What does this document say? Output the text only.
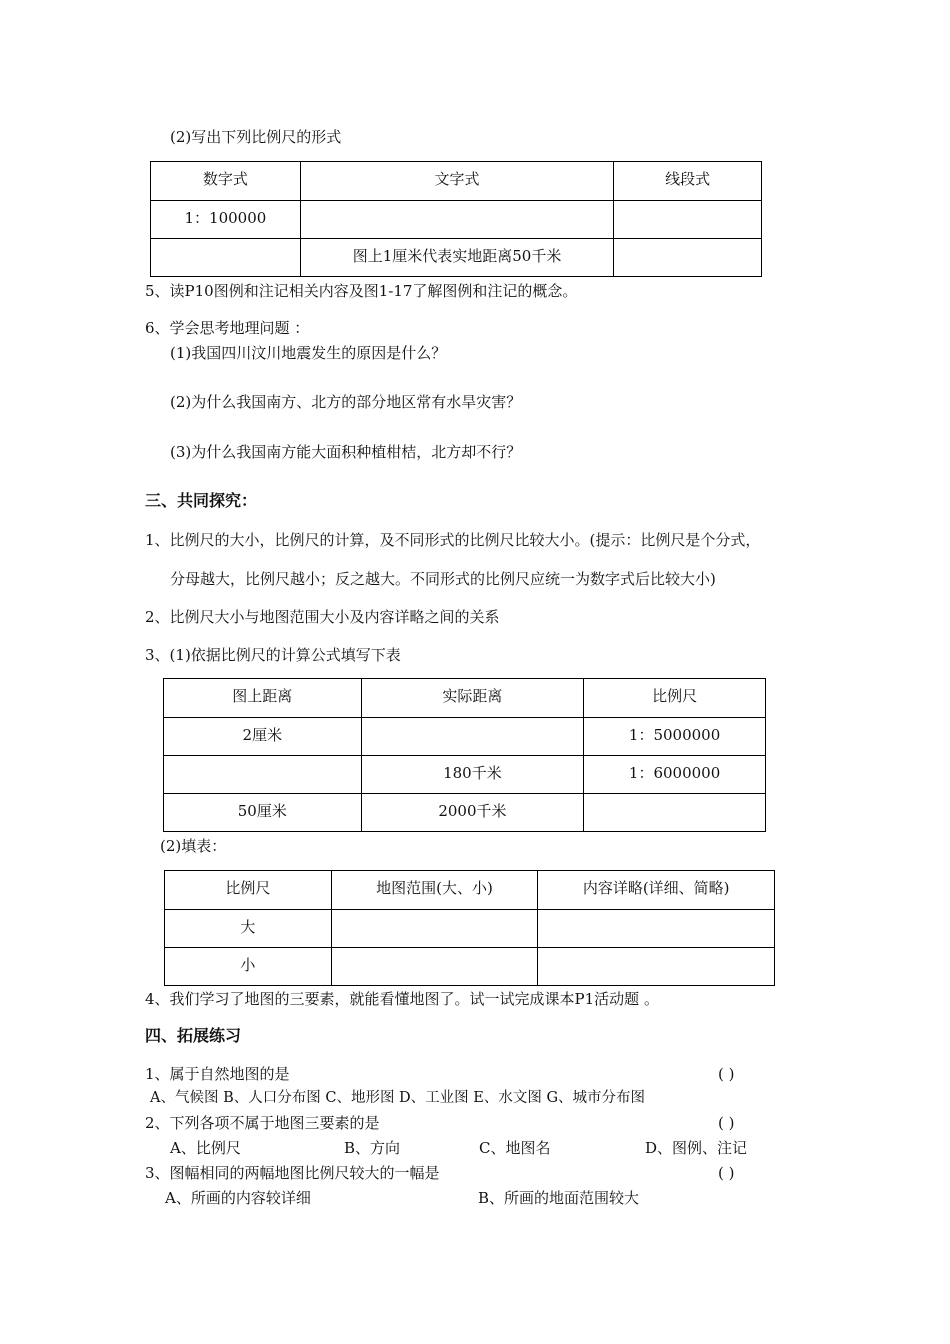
(2)写出下列比例尺的形式
数字式	文字式	线段式
1：100000		
	图上1厘米代表实地距离50千米	
5、读P10图例和注记相关内容及图1-17了解图例和注记的概念。
6、学会思考地理问题 ：
(1)我国四川汶川地震发生的原因是什么？
(2)为什么我国南方、北方的部分地区常有水旱灾害？
(3)为什么我国南方能大面积种植柑桔，北方却不行？
三、共同探究：
1、比例尺的大小，比例尺的计算，及不同形式的比例尺比较大小。(提示：比例尺是个分式，
分母越大，比例尺越小；反之越大。不同形式的比例尺应统一为数字式后比较大小)
2、比例尺大小与地图范围大小及内容详略之间的关系
3、(1)依据比例尺的计算公式填写下表
图上距离	实际距离	比例尺
2厘米		1：5000000
	180千米	1：6000000
50厘米	2000千米	
(2)填表：
比例尺	地图范围(大、小)	内容详略(详细、简略)
大		
小		
4、我们学习了地图的三要素，就能看懂地图了。试一试完成课本P1活动题 。
四、拓展练习
1、属于自然地图的是	( )
A、气候图 B、人口分布图 C、地形图 D、工业图 E、水文图 G、城市分布图
2、下列各项不属于地图三要素的是	( )
A、比例尺	B、方向	C、地图名	D、图例、注记
3、图幅相同的两幅地图比例尺较大的一幅是	( )
A、所画的内容较详细	B、所画的地面范围较大
